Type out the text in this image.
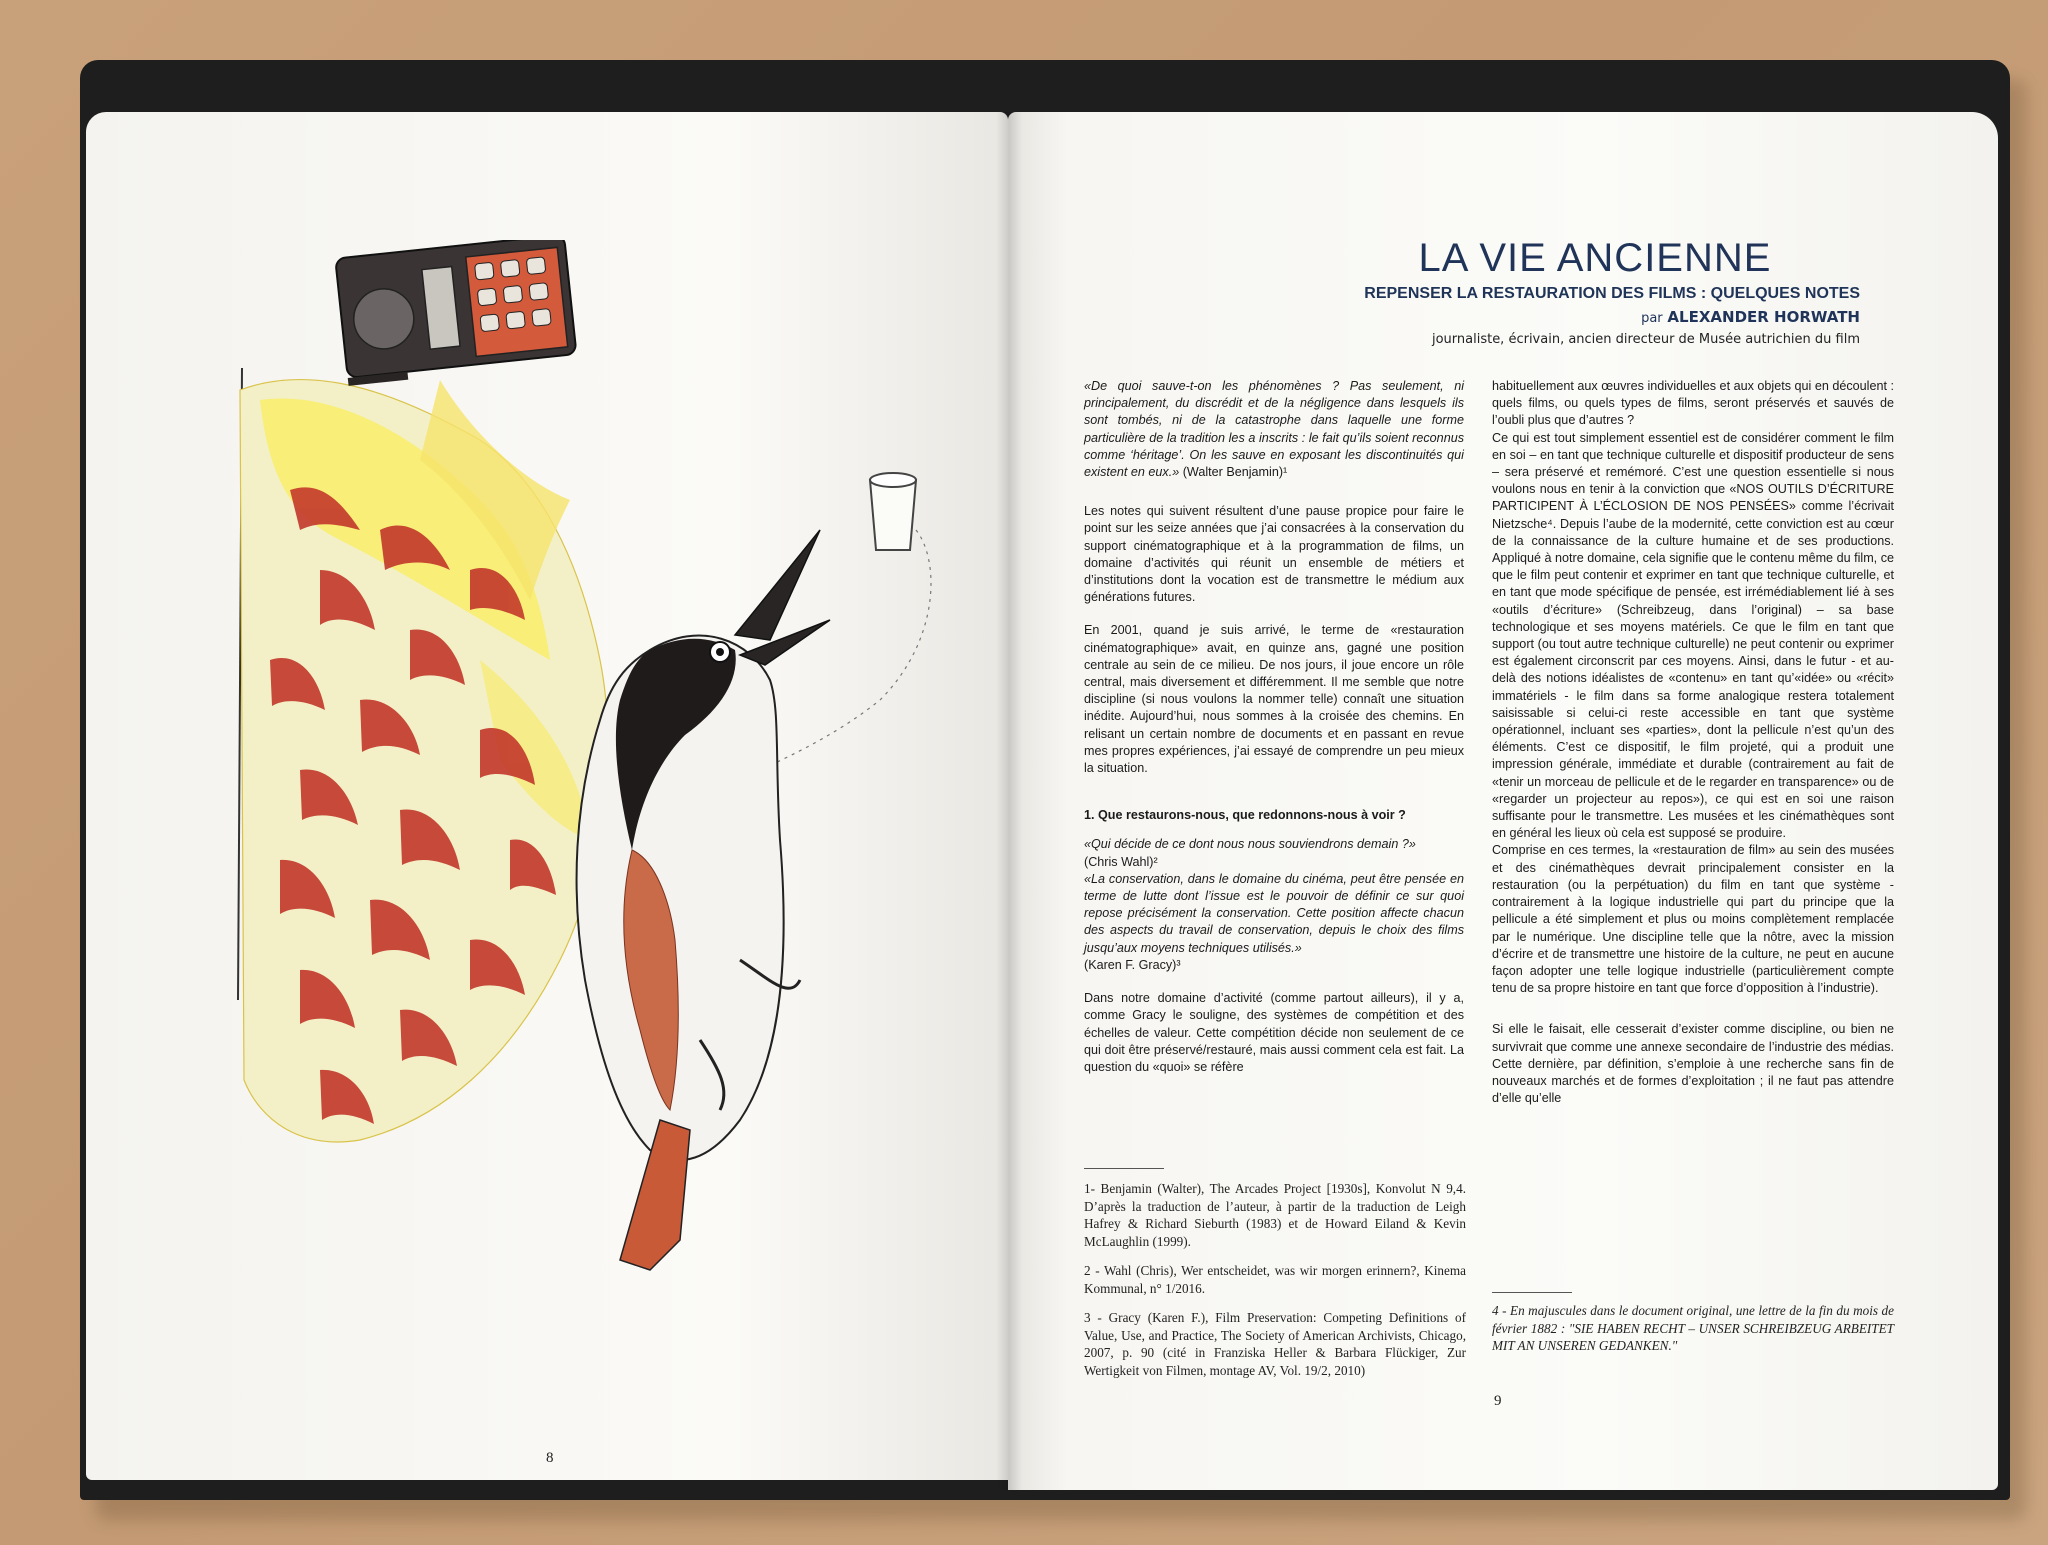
8
LA VIE ANCIENNE
REPENSER LA RESTAURATION DES FILMS : QUELQUES NOTES
par ALEXANDER HORWATH
journaliste, écrivain, ancien directeur de Musée autrichien du film

«De quoi sauve-t-on les phénomènes ? Pas seulement, ni principalement, du discrédit et de la négligence dans lesquels ils sont tombés, ni de la catastrophe dans laquelle une forme particulière de la tradition les a inscrits : le fait qu’ils soient reconnus comme ‘héritage’. On les sauve en exposant les discontinuités qui existent en eux.» (Walter Benjamin)¹

Les notes qui suivent résultent d’une pause propice pour faire le point sur les seize années que j’ai consacrées à la conservation du support cinématographique et à la programmation de films, un domaine d’activités qui réunit un ensemble de métiers et d’institutions dont la vocation est de transmettre le médium aux générations futures.

En 2001, quand je suis arrivé, le terme de «restauration cinématographique» avait, en quinze ans, gagné une position centrale au sein de ce milieu. De nos jours, il joue encore un rôle central, mais diversement et différemment. Il me semble que notre discipline (si nous voulons la nommer telle) connaît une situation inédite. Aujourd’hui, nous sommes à la croisée des chemins. En relisant un certain nombre de documents et en passant en revue mes propres expériences, j’ai essayé de comprendre un peu mieux la situation.

1. Que restaurons-nous, que redonnons-nous à voir ?

«Qui décide de ce dont nous nous souviendrons demain ?»
(Chris Wahl)²

«La conservation, dans le domaine du cinéma, peut être pensée en terme de lutte dont l’issue est le pouvoir de définir ce sur quoi repose précisément la conservation. Cette position affecte chacun des aspects du travail de conservation, depuis le choix des films jusqu’aux moyens techniques utilisés.»
(Karen F. Gracy)³

Dans notre domaine d’activité (comme partout ailleurs), il y a, comme Gracy le souligne, des systèmes de compétition et des échelles de valeur. Cette compétition décide non seulement de ce qui doit être préservé/restauré, mais aussi comment cela est fait. La question du «quoi» se réfère

1- Benjamin (Walter), The Arcades Project [1930s], Konvolut N 9,4. D’après la traduction de l’auteur, à partir de la traduction de Leigh Hafrey & Richard Sieburth (1983) et de Howard Eiland & Kevin McLaughlin (1999).

2 - Wahl (Chris), Wer entscheidet, was wir morgen erinnern?, Kinema Kommunal, n° 1/2016.

3 - Gracy (Karen F.), Film Preservation: Competing Definitions of Value, Use, and Practice, The Society of American Archivists, Chicago, 2007, p. 90 (cité in Franziska Heller & Barbara Flückiger, Zur Wertigkeit von Filmen, montage AV, Vol. 19/2, 2010)

habituellement aux œuvres individuelles et aux objets qui en découlent : quels films, ou quels types de films, seront préservés et sauvés de l’oubli plus que d’autres ?

Ce qui est tout simplement essentiel est de considérer comment le film en soi – en tant que technique culturelle et dispositif producteur de sens – sera préservé et remémoré. C’est une question essentielle si nous voulons nous en tenir à la conviction que «NOS OUTILS D’ÉCRITURE PARTICIPENT À L’ÉCLOSION DE NOS PENSÉES» comme l’écrivait Nietzsche⁴. Depuis l’aube de la modernité, cette conviction est au cœur de la connaissance de la culture humaine et de ses productions. Appliqué à notre domaine, cela signifie que le contenu même du film, ce que le film peut contenir et exprimer en tant que technique culturelle, et en tant que mode spécifique de pensée, est irrémédiablement lié à ses «outils d’écriture» (Schreibzeug, dans l’original) – sa base technologique et ses moyens matériels. Ce que le film en tant que support (ou tout autre technique culturelle) ne peut contenir ou exprimer est également circonscrit par ces moyens. Ainsi, dans le futur - et au-delà des notions idéalistes de «contenu» en tant qu’«idée» ou «récit» immatériels - le film dans sa forme analogique restera totalement saisissable si celui-ci reste accessible en tant que système opérationnel, incluant ses «parties», dont la pellicule n’est qu’un des éléments. C’est ce dispositif, le film projeté, qui a produit une impression générale, immédiate et durable (contrairement au fait de «tenir un morceau de pellicule et de le regarder en transparence» ou de «regarder un projecteur au repos»), ce qui est en soi une raison suffisante pour le transmettre. Les musées et les cinémathèques sont en général les lieux où cela est supposé se produire.

Comprise en ces termes, la «restauration de film» au sein des musées et des cinémathèques devrait principalement consister en la restauration (ou la perpétuation) du film en tant que système - contrairement à la logique industrielle qui part du principe que la pellicule a été simplement et plus ou moins complètement remplacée par le numérique. Une discipline telle que la nôtre, avec la mission d’écrire et de transmettre une histoire de la culture, ne peut en aucune façon adopter une telle logique industrielle (particulièrement compte tenu de sa propre histoire en tant que force d’opposition à l’industrie).

Si elle le faisait, elle cesserait d’exister comme discipline, ou bien ne survivrait que comme une annexe secondaire de l’industrie des médias. Cette dernière, par définition, s’emploie à une recherche sans fin de nouveaux marchés et de formes d’exploitation ; il ne faut pas attendre d’elle qu’elle

4 - En majuscules dans le document original, une lettre de la fin du mois de février 1882 : "SIE HABEN RECHT – UNSER SCHREIBZEUG ARBEITET MIT AN UNSEREN GEDANKEN."

9
